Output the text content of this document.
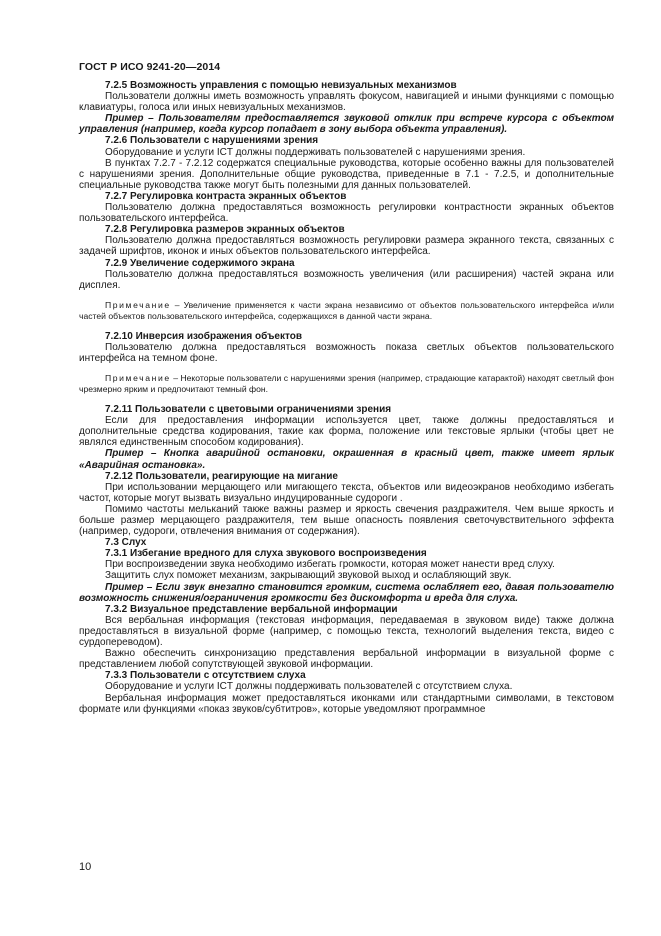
ГОСТ Р ИСО 9241-20—2014

7.2.5 Возможность управления с помощью невизуальных механизмов

Пользователи должны иметь возможность управлять фокусом, навигацией и иными функциями с помощью клавиатуры, голоса или иных невизуальных механизмов.

Пример – Пользователям предоставляется звуковой отклик при встрече курсора с объектом управления (например, когда курсор попадает в зону выбора объекта управления).

7.2.6 Пользователи с нарушениями зрения

Оборудование и услуги ICT должны поддерживать пользователей с нарушениями зрения.

В пунктах 7.2.7 - 7.2.12 содержатся специальные руководства, которые особенно важны для пользователей с нарушениями зрения. Дополнительные общие руководства, приведенные в 7.1 - 7.2.5, и дополнительные специальные руководства также могут быть полезными для данных пользователей.

7.2.7 Регулировка контраста экранных объектов

Пользователю должна предоставляться возможность регулировки контрастности экранных объектов пользовательского интерфейса.

7.2.8 Регулировка размеров экранных объектов

Пользователю должна предоставляться возможность регулировки размера экранного текста, связанных с задачей шрифтов, иконок и иных объектов пользовательского интерфейса.

7.2.9 Увеличение содержимого экрана

Пользователю должна предоставляться возможность увеличения (или расширения) частей экрана или дисплея.

Примечание – Увеличение применяется к части экрана независимо от объектов пользовательского интерфейса и/или частей объектов пользовательского интерфейса, содержащихся в данной части экрана.

7.2.10 Инверсия изображения объектов

Пользователю должна предоставляться возможность показа светлых объектов пользовательского интерфейса на темном фоне.

Примечание – Некоторые пользователи с нарушениями зрения (например, страдающие катарактой) находят светлый фон чрезмерно ярким и предпочитают темный фон.

7.2.11 Пользователи с цветовыми ограничениями зрения

Если для предоставления информации используется цвет, также должны предоставляться и дополнительные средства кодирования, такие как форма, положение или текстовые ярлыки (чтобы цвет не являлся единственным способом кодирования).

Пример – Кнопка аварийной остановки, окрашенная в красный цвет, также имеет ярлык «Аварийная остановка».

7.2.12 Пользователи, реагирующие на мигание

При использовании мерцающего или мигающего текста, объектов или видеоэкранов необходимо избегать частот, которые могут вызвать визуально индуцированные судороги .

Помимо частоты мельканий также важны размер и яркость свечения раздражителя. Чем выше яркость и больше размер мерцающего раздражителя, тем выше опасность появления светочувствительного эффекта (например, судороги, отвлечения внимания от содержания).

7.3 Слух

7.3.1 Избегание вредного для слуха звукового воспроизведения

При воспроизведении звука необходимо избегать громкости, которая может нанести вред слуху.

Защитить слух поможет механизм, закрывающий звуковой выход и ослабляющий звук.

Пример – Если звук внезапно становится громким, система ослабляет его, давая пользователю возможность снижения/ограничения громкости без дискомфорта и вреда для слуха.

7.3.2 Визуальное представление вербальной информации

Вся вербальная информация (текстовая информация, передаваемая в звуковом виде) также должна предоставляться в визуальной форме (например, с помощью текста, технологий выделения текста, видео с сурдопереводом).

Важно обеспечить синхронизацию представления вербальной информации в визуальной форме с представлением любой сопутствующей звуковой информации.

7.3.3 Пользователи с отсутствием слуха

Оборудование и услуги ICT должны поддерживать пользователей с отсутствием слуха.

Вербальная информация может предоставляться иконками или стандартными символами, в текстовом формате или функциями «показ звуков/субтитров», которые уведомляют программное

10
